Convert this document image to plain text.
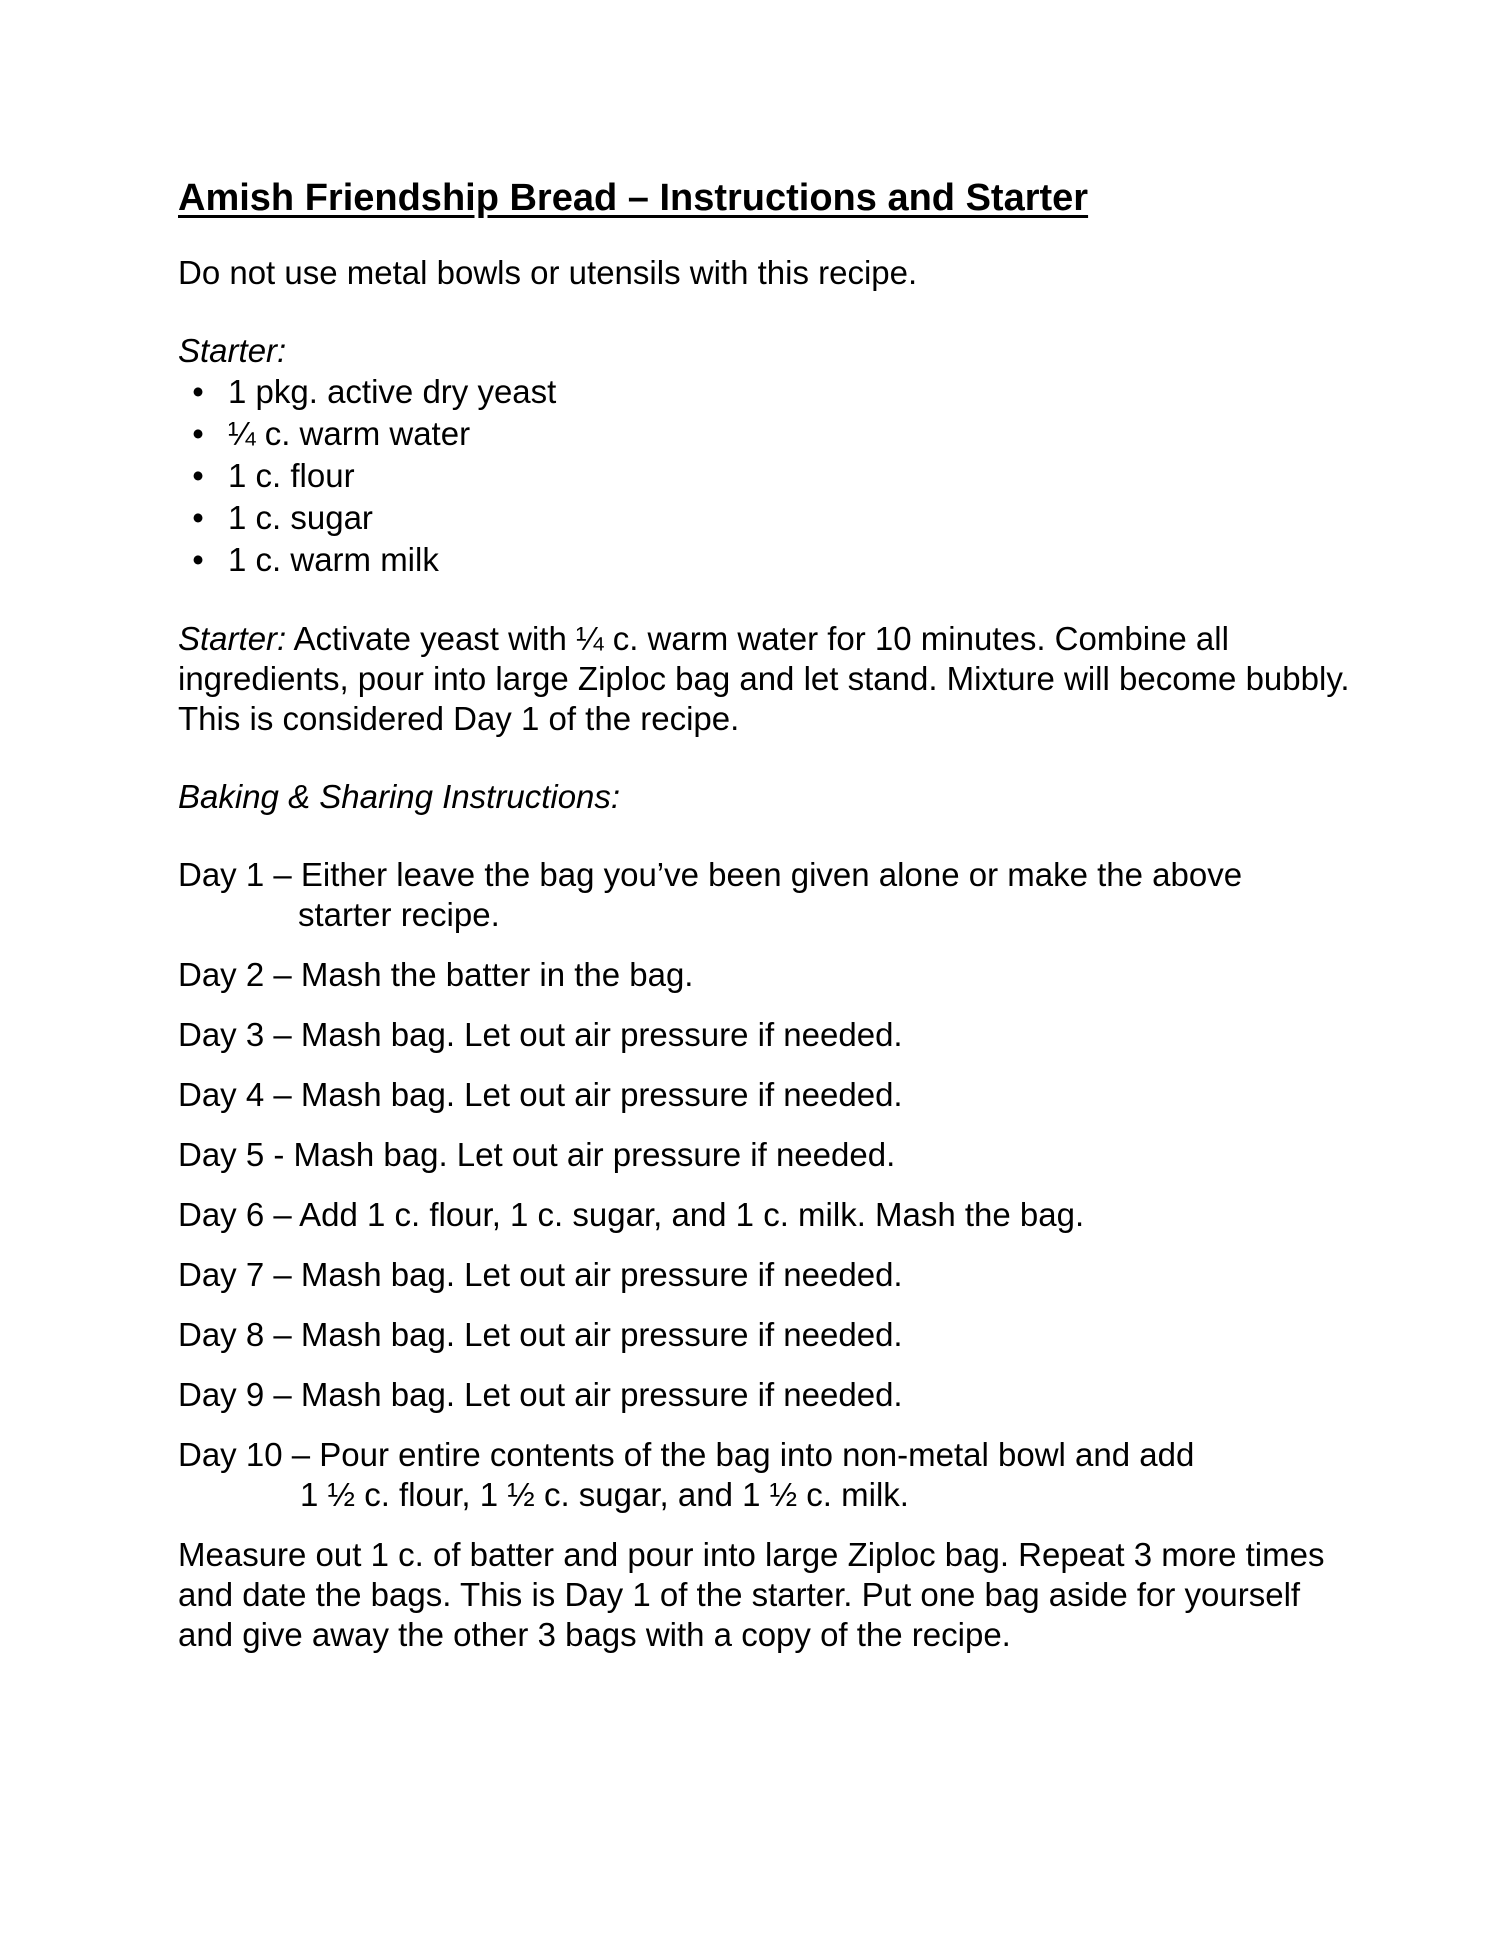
Amish Friendship Bread – Instructions and Starter

Do not use metal bowls or utensils with this recipe.

Starter:

• 1 pkg. active dry yeast
• ¼ c. warm water
• 1 c. flour
• 1 c. sugar
• 1 c. warm milk

Starter: Activate yeast with ¼ c. warm water for 10 minutes. Combine all ingredients, pour into large Ziploc bag and let stand. Mixture will become bubbly. This is considered Day 1 of the recipe.

Baking & Sharing Instructions:

Day 1 – Either leave the bag you’ve been given alone or make the above
starter recipe.

Day 2 – Mash the batter in the bag.

Day 3 – Mash bag. Let out air pressure if needed.

Day 4 – Mash bag. Let out air pressure if needed.

Day 5 - Mash bag. Let out air pressure if needed.

Day 6 – Add 1 c. flour, 1 c. sugar, and 1 c. milk. Mash the bag.

Day 7 – Mash bag. Let out air pressure if needed.

Day 8 – Mash bag. Let out air pressure if needed.

Day 9 – Mash bag. Let out air pressure if needed.

Day 10 – Pour entire contents of the bag into non-metal bowl and add
1 ½ c. flour, 1 ½ c. sugar, and 1 ½ c. milk.

Measure out 1 c. of batter and pour into large Ziploc bag. Repeat 3 more times and date the bags. This is Day 1 of the starter. Put one bag aside for yourself and give away the other 3 bags with a copy of the recipe.
